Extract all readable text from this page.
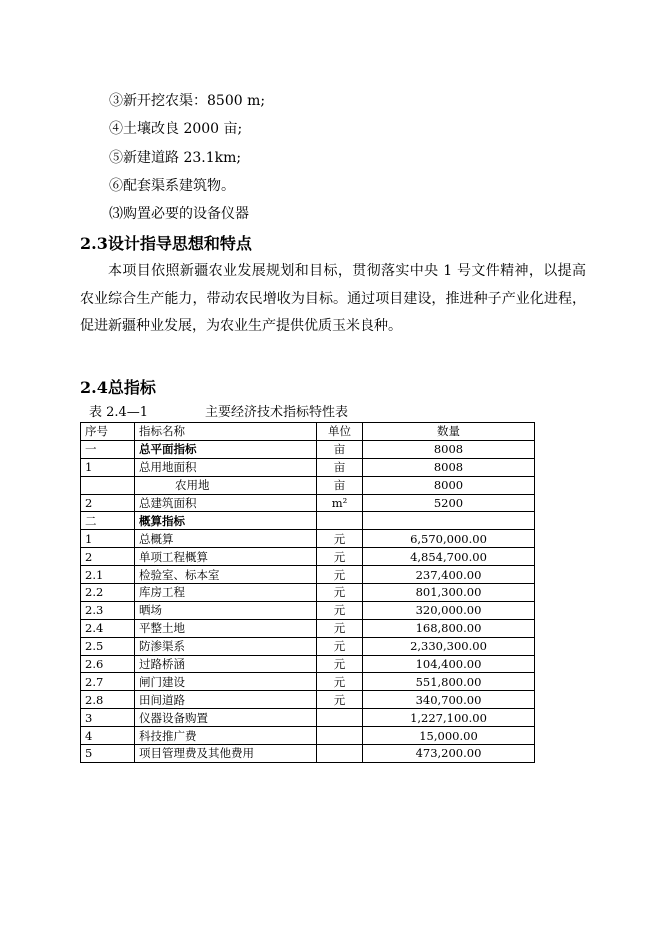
③新开挖农渠：8500 m;
④土壤改良 2000 亩;
⑤新建道路 23.1km;
⑥配套渠系建筑物。
⑶购置必要的设备仪器
2.3设计指导思想和特点
本项目依照新疆农业发展规划和目标，贯彻落实中央 1 号文件精神，以提高农业综合生产能力，带动农民增收为目标。通过项目建设，推进种子产业化进程，促进新疆种业发展，为农业生产提供优质玉米良种。
2.4总指标
表 2.4—1	主要经济技术指标特性表
序号	指标名称	单位	数量
一	总平面指标	亩	8008
1	总用地面积	亩	8008
	农用地	亩	8000
2	总建筑面积	m²	5200
二	概算指标		
1	总概算	元	6,570,000.00
2	单项工程概算	元	4,854,700.00
2.1	检验室、标本室	元	237,400.00
2.2	库房工程	元	801,300.00
2.3	晒场	元	320,000.00
2.4	平整土地	元	168,800.00
2.5	防渗渠系	元	2,330,300.00
2.6	过路桥涵	元	104,400.00
2.7	闸门建设	元	551,800.00
2.8	田间道路	元	340,700.00
3	仪器设备购置		1,227,100.00
4	科技推广费		15,000.00
5	项目管理费及其他费用		473,200.00
